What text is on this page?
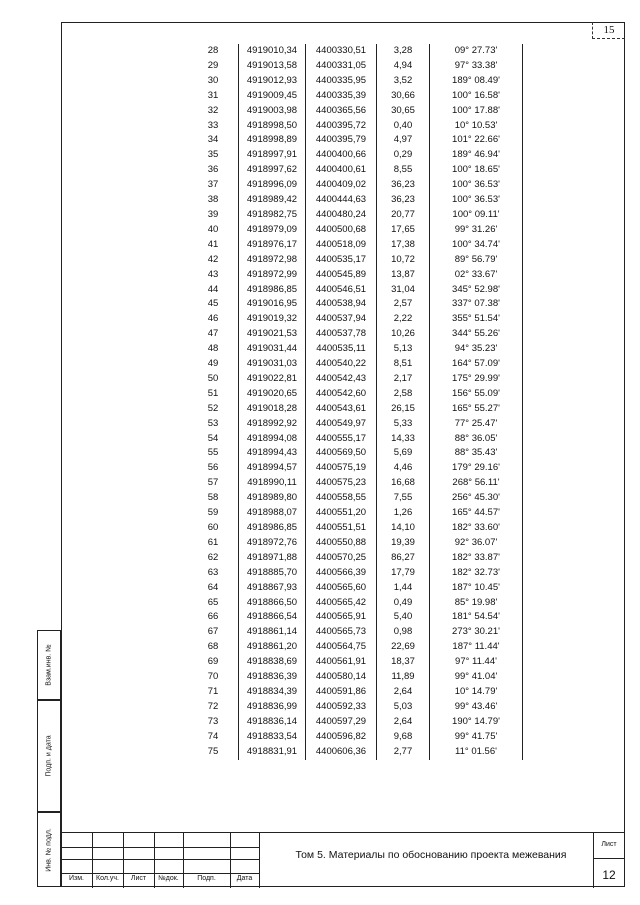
15
28	4919010,34	4400330,51	3,28	09° 27.73'
29	4919013,58	4400331,05	4,94	97° 33.38'
30	4919012,93	4400335,95	3,52	189° 08.49'
31	4919009,45	4400335,39	30,66	100° 16.58'
32	4919003,98	4400365,56	30,65	100° 17.88'
33	4918998,50	4400395,72	0,40	10° 10.53'
34	4918998,89	4400395,79	4,97	101° 22.66'
35	4918997,91	4400400,66	0,29	189° 46.94'
36	4918997,62	4400400,61	8,55	100° 18.65'
37	4918996,09	4400409,02	36,23	100° 36.53'
38	4918989,42	4400444,63	36,23	100° 36.53'
39	4918982,75	4400480,24	20,77	100° 09.11'
40	4918979,09	4400500,68	17,65	99° 31.26'
41	4918976,17	4400518,09	17,38	100° 34.74'
42	4918972,98	4400535,17	10,72	89° 56.79'
43	4918972,99	4400545,89	13,87	02° 33.67'
44	4918986,85	4400546,51	31,04	345° 52.98'
45	4919016,95	4400538,94	2,57	337° 07.38'
46	4919019,32	4400537,94	2,22	355° 51.54'
47	4919021,53	4400537,78	10,26	344° 55.26'
48	4919031,44	4400535,11	5,13	94° 35.23'
49	4919031,03	4400540,22	8,51	164° 57.09'
50	4919022,81	4400542,43	2,17	175° 29.99'
51	4919020,65	4400542,60	2,58	156° 55.09'
52	4919018,28	4400543,61	26,15	165° 55.27'
53	4918992,92	4400549,97	5,33	77° 25.47'
54	4918994,08	4400555,17	14,33	88° 36.05'
55	4918994,43	4400569,50	5,69	88° 35.43'
56	4918994,57	4400575,19	4,46	179° 29.16'
57	4918990,11	4400575,23	16,68	268° 56.11'
58	4918989,80	4400558,55	7,55	256° 45.30'
59	4918988,07	4400551,20	1,26	165° 44.57'
60	4918986,85	4400551,51	14,10	182° 33.60'
61	4918972,76	4400550,88	19,39	92° 36.07'
62	4918971,88	4400570,25	86,27	182° 33.87'
63	4918885,70	4400566,39	17,79	182° 32.73'
64	4918867,93	4400565,60	1,44	187° 10.45'
65	4918866,50	4400565,42	0,49	85° 19.98'
66	4918866,54	4400565,91	5,40	181° 54.54'
67	4918861,14	4400565,73	0,98	273° 30.21'
68	4918861,20	4400564,75	22,69	187° 11.44'
69	4918838,69	4400561,91	18,37	97° 11.44'
70	4918836,39	4400580,14	11,89	99° 41.04'
71	4918834,39	4400591,86	2,64	10° 14.79'
72	4918836,99	4400592,33	5,03	99° 43.46'
73	4918836,14	4400597,29	2,64	190° 14.79'
74	4918833,54	4400596,82	9,68	99° 41.75'
75	4918831,91	4400606,36	2,77	11° 01.56'
Взам.инв. №
Подп. и дата
Инв. № подл.
Изм.	Кол.уч.	Лист	№док.	Подп.	Дата
Том 5. Материалы по обоснованию проекта межевания
Лист
12
